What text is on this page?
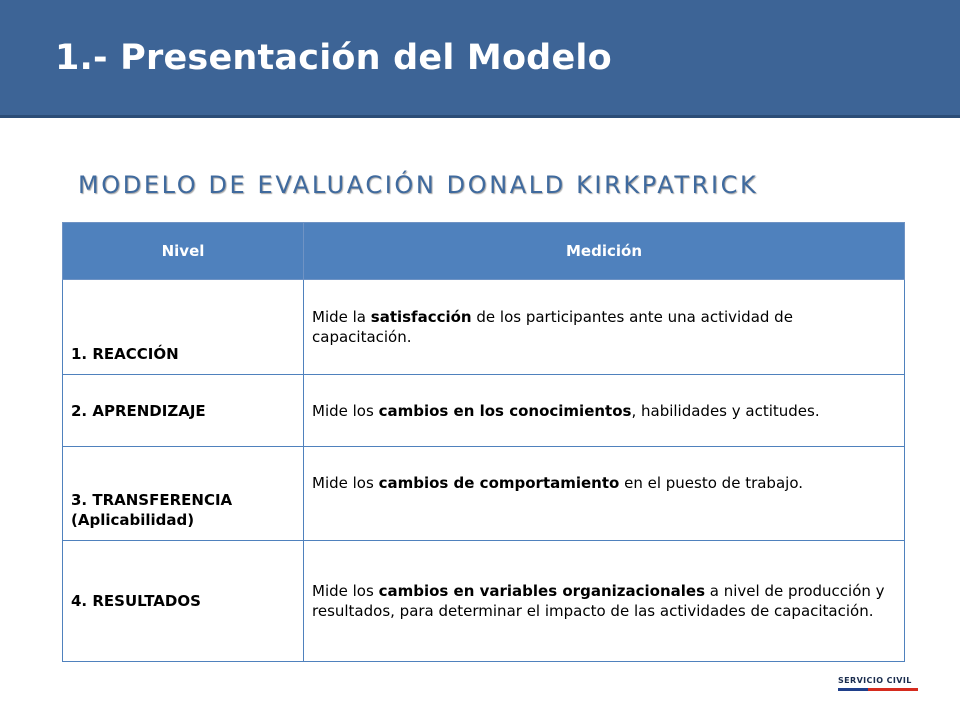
1.- Presentación del Modelo
MODELO DE EVALUACIÓN DONALD KIRKPATRICK
Nivel	Medición
1. REACCIÓN	Mide la satisfacción de los participantes ante una actividad de capacitación.
2. APRENDIZAJE	Mide los cambios en los conocimientos, habilidades y actitudes.
3. TRANSFERENCIA (Aplicabilidad)	Mide los cambios de comportamiento en el puesto de trabajo.
4. RESULTADOS	Mide los cambios en variables organizacionales a nivel de producción y resultados, para determinar el impacto de las actividades de capacitación.
SERVICIO CIVIL
